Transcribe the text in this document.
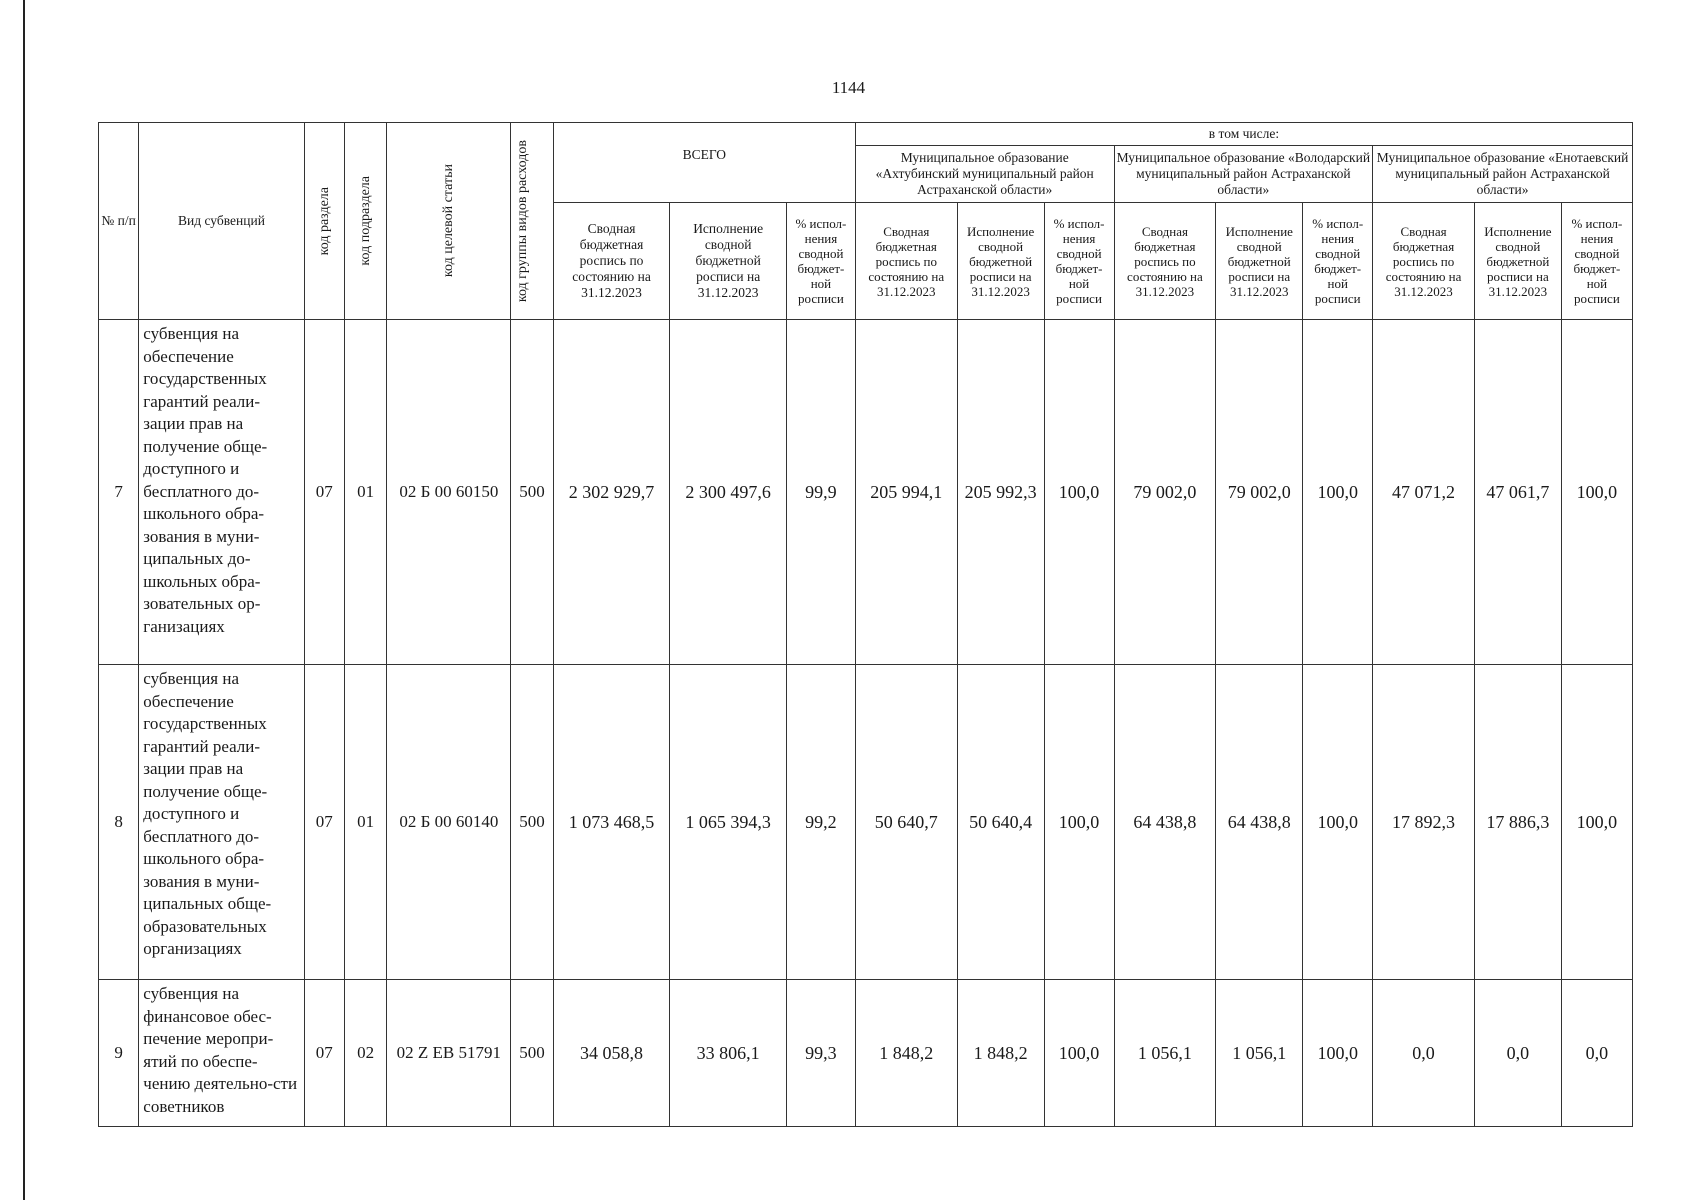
1144
№ п/п	Вид субвенций	код раздела	код подраздела	код целевой статьи	код группы видов расходов	ВСЕГО			в том числе:								
									Муниципальное образование «Ахтубинский муниципальный район Астраханской области»			Муниципальное образование «Володарский муниципальный район Астраханской области»			Муниципальное образование «Енотаевский муниципальный район Астраханской области»		
						Сводная бюджетная роспись по состоянию на 31.12.2023	Исполнение сводной бюджетной росписи на 31.12.2023	% испол-нения сводной бюджет-ной росписи	Сводная бюджетная роспись по состоянию на 31.12.2023	Исполнение сводной бюджетной росписи на 31.12.2023	% испол-нения сводной бюджет-ной росписи	Сводная бюджетная роспись по состоянию на 31.12.2023	Исполнение сводной бюджетной росписи на 31.12.2023	% испол-нения сводной бюджет-ной росписи	Сводная бюджетная роспись по состоянию на 31.12.2023	Исполнение сводной бюджетной росписи на 31.12.2023	% испол-нения сводной бюджет-ной росписи
7	субвенция на обеспечение государственных гарантий реали-зации прав на получение обще-доступного и бесплатного до-школьного обра-зования в муни-ципальных до-школьных обра-зовательных ор-ганизациях	07	01	02 Б 00 60150	500	2 302 929,7	2 300 497,6	99,9	205 994,1	205 992,3	100,0	79 002,0	79 002,0	100,0	47 071,2	47 061,7	100,0
8	субвенция на обеспечение государственных гарантий реали-зации прав на получение обще-доступного и бесплатного до-школьного обра-зования в муни-ципальных обще-образовательных организациях	07	01	02 Б 00 60140	500	1 073 468,5	1 065 394,3	99,2	50 640,7	50 640,4	100,0	64 438,8	64 438,8	100,0	17 892,3	17 886,3	100,0
9	субвенция на финансовое обес-печение меропри-ятий по обеспе-чению деятельно-сти советников	07	02	02 Z ЕВ 51791	500	34 058,8	33 806,1	99,3	1 848,2	1 848,2	100,0	1 056,1	1 056,1	100,0	0,0	0,0	0,0
